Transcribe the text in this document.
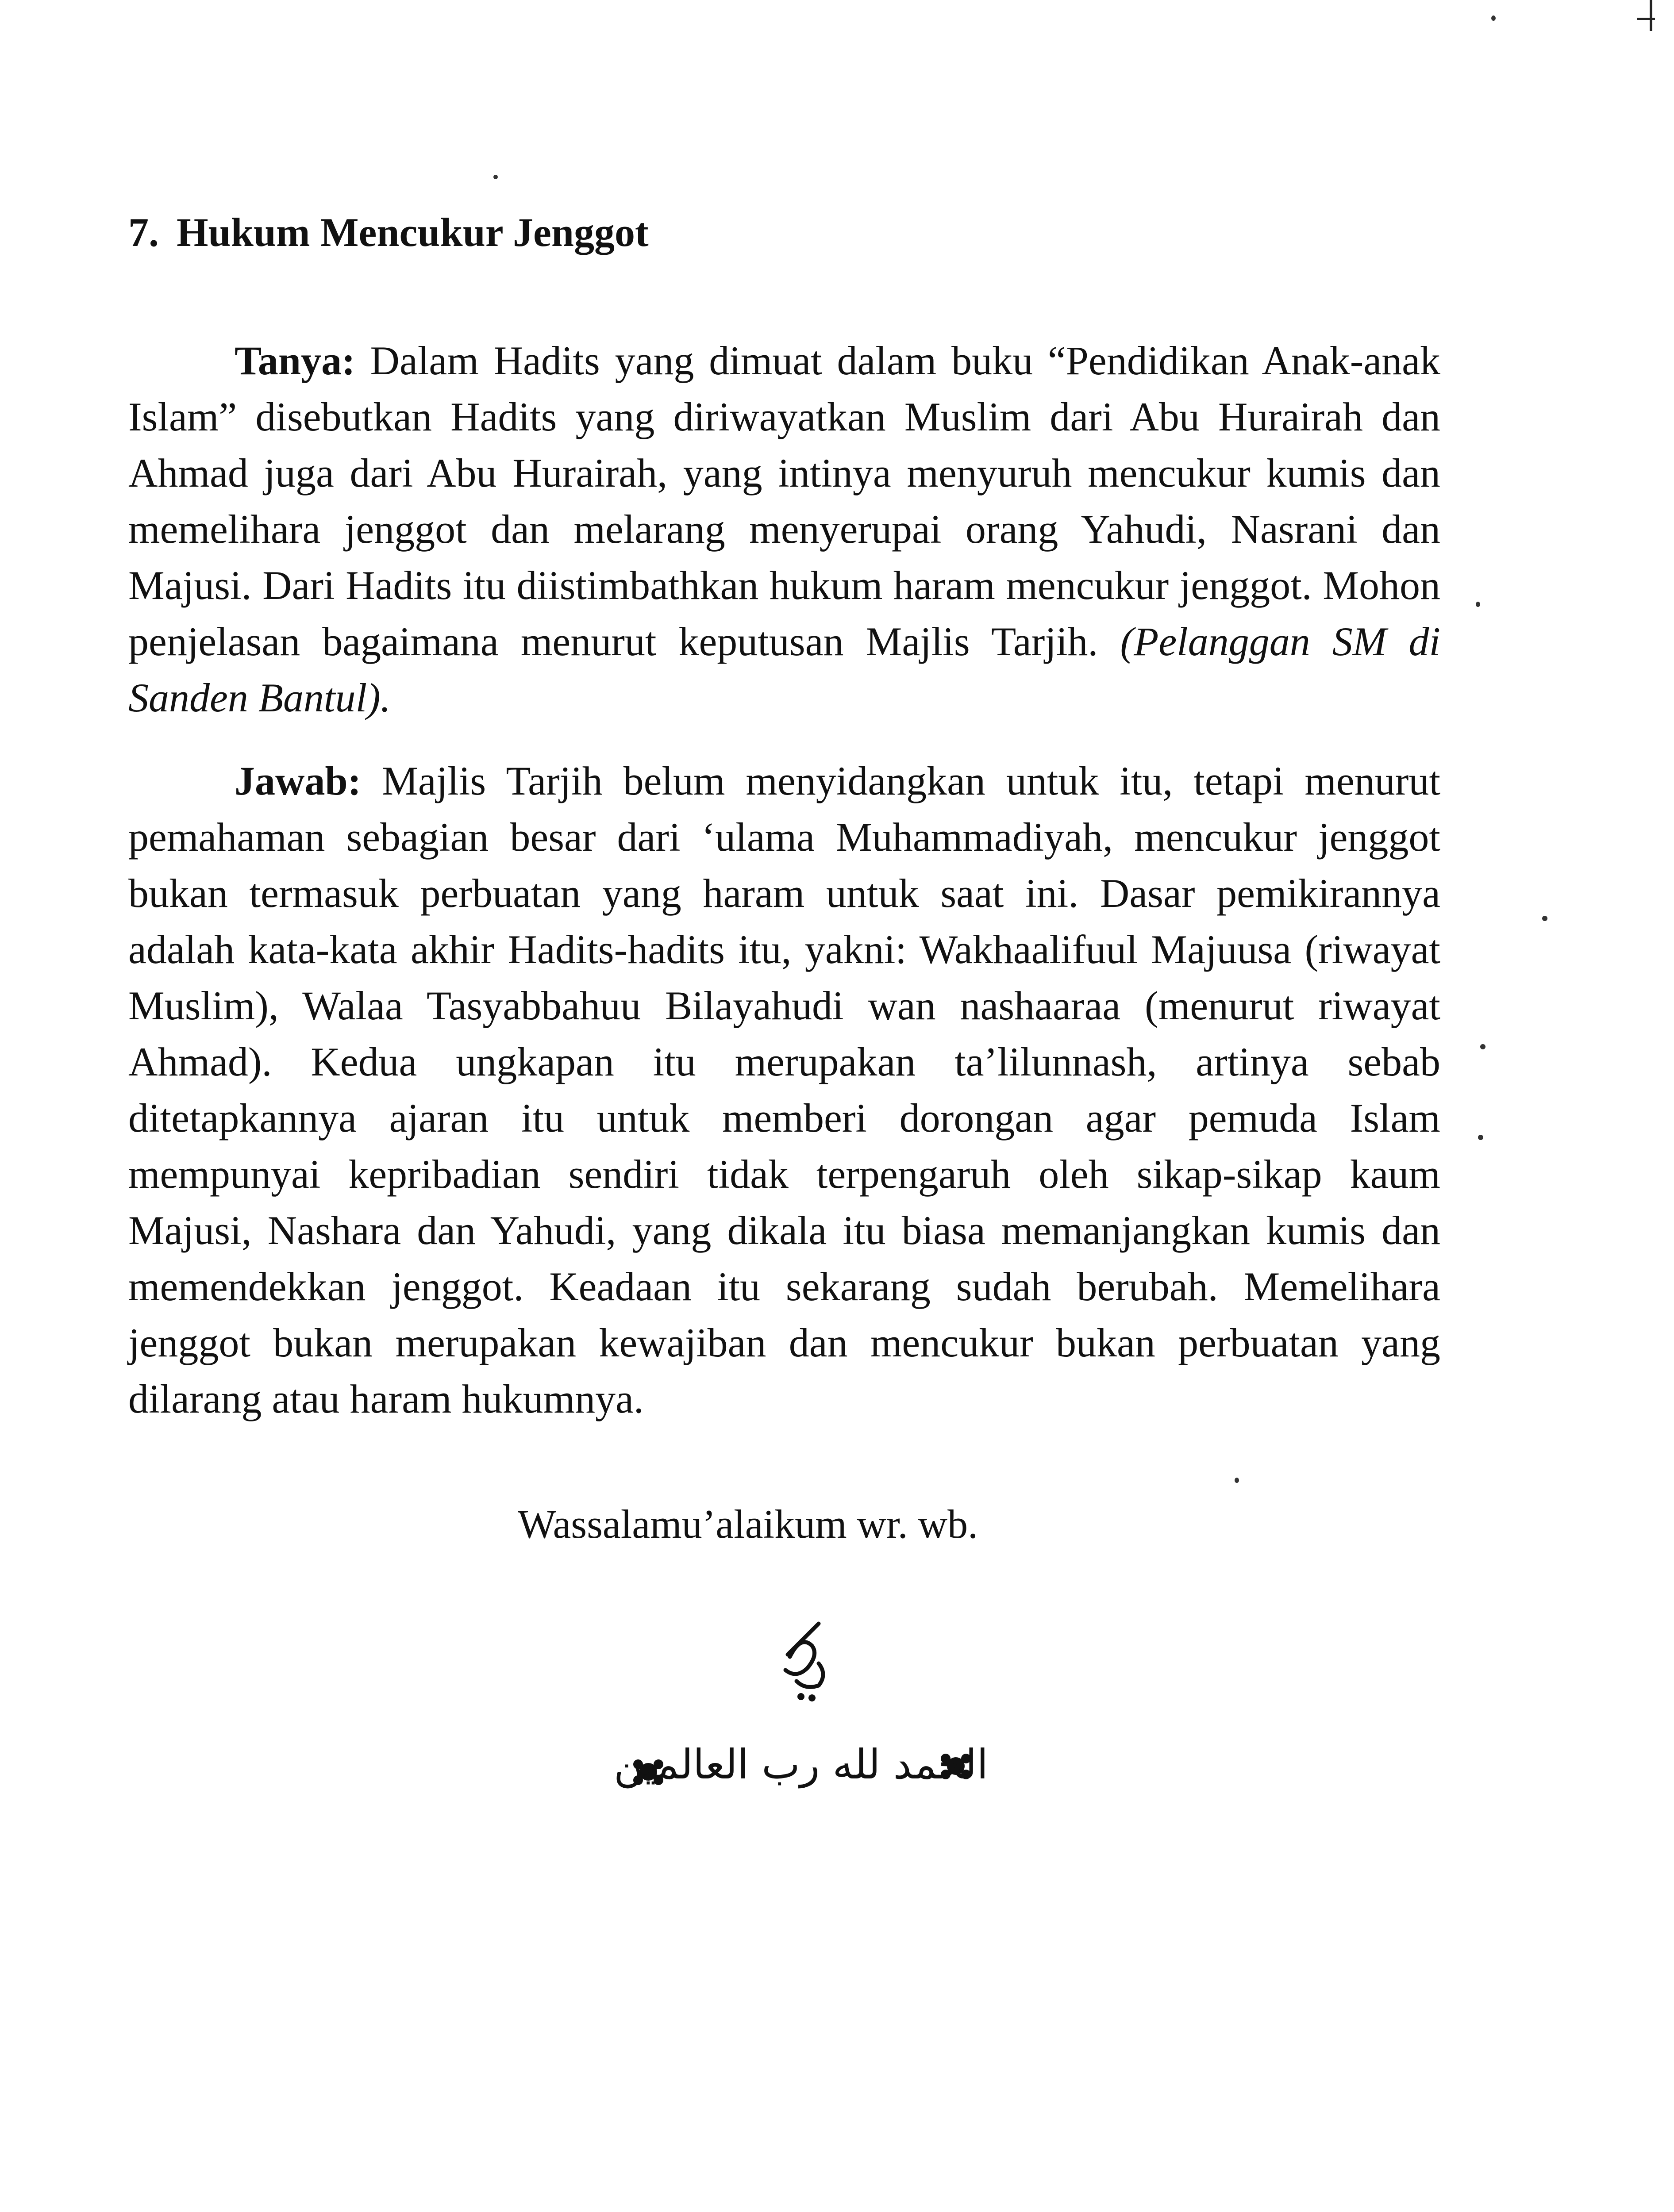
7. Hukum Mencukur Jenggot

Tanya: Dalam Hadits yang dimuat dalam buku “Pendidikan Anak-anak Islam” disebutkan Hadits yang diriwayatkan Muslim dari Abu Hurairah dan Ahmad juga dari Abu Hurairah, yang intinya menyuruh mencukur kumis dan memelihara jenggot dan melarang menyerupai orang Yahudi, Nasrani dan Majusi. Dari Hadits itu diistimbathkan hukum haram mencukur jenggot. Mohon penjelasan bagaimana menurut keputusan Majlis Tarjih. (Pelanggan SM di Sanden Bantul).

Jawab: Majlis Tarjih belum menyidangkan untuk itu, tetapi menurut pemahaman sebagian besar dari ‘ulama Muhammadiyah, mencukur jenggot bukan termasuk perbuatan yang haram untuk saat ini. Dasar pemikirannya adalah kata-kata akhir Hadits-hadits itu, yakni: Wakhaalifuul Majuusa (riwayat Muslim), Walaa Tasyabbahuu Bilayahudi wan nashaaraa (menurut riwayat Ahmad). Kedua ungkapan itu merupakan ta’lilunnash, artinya sebab ditetapkannya ajaran itu untuk memberi dorongan agar pemuda Islam mempunyai kepribadian sendiri tidak terpengaruh oleh sikap-sikap kaum Majusi, Nashara dan Yahudi, yang dikala itu biasa memanjangkan kumis dan memendekkan jenggot. Keadaan itu sekarang sudah berubah. Memelihara jenggot bukan merupakan kewajiban dan mencukur bukan perbuatan yang dilarang atau haram hukumnya.

Wassalamu’alaikum wr. wb.
الحمد لله رب العالمين
